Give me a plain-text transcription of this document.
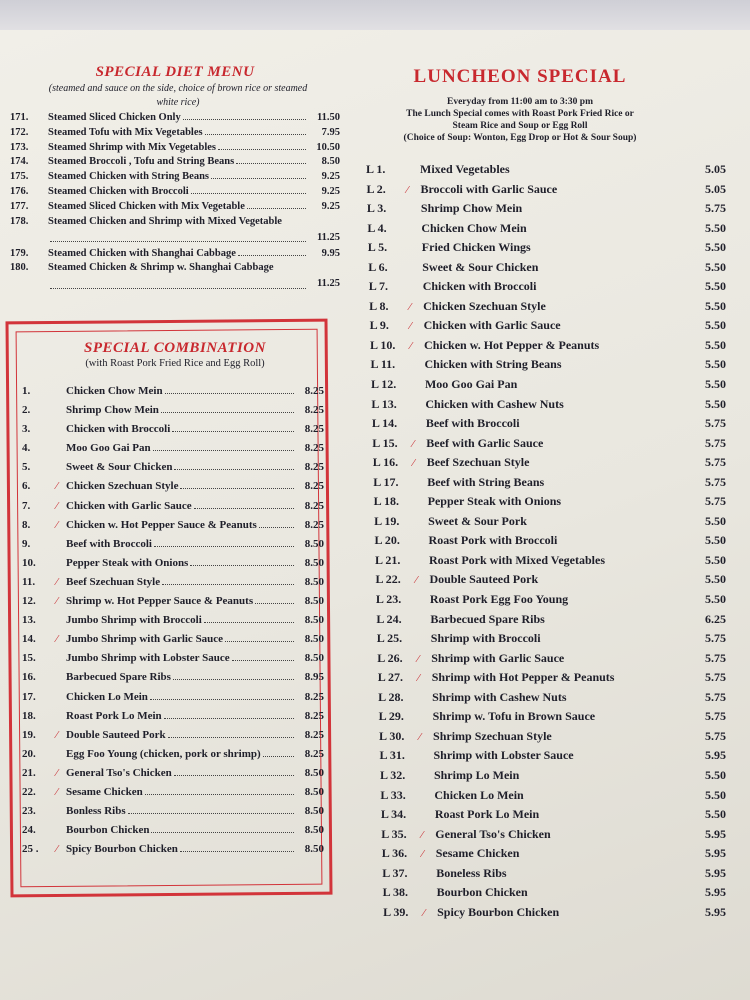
SPECIAL DIET MENU
(steamed and sauce on the side, choice of brown rice or steamed white rice)
171.	Steamed Sliced Chicken Only	11.50
172.	Steamed Tofu with Mix Vegetables	7.95
173.	Steamed Shrimp with Mix Vegetables	10.50
174.	Steamed Broccoli , Tofu and String Beans	8.50
175.	Steamed Chicken with String Beans	9.25
176.	Steamed Chicken with Broccoli	9.25
177.	Steamed Sliced Chicken with Mix Vegetable	9.25
178.	Steamed Chicken and Shrimp with Mixed Vegetable
11.25
179.	Steamed Chicken with Shanghai Cabbage	9.95
180.	Steamed Chicken & Shrimp w. Shanghai Cabbage
11.25
SPECIAL COMBINATION
(with Roast Pork Fried Rice and Egg Roll)
1.	Chicken Chow Mein	8.25
2.	Shrimp Chow Mein	8.25
3.	Chicken with Broccoli	8.25
4.	Moo Goo Gai Pan	8.25
5.	Sweet & Sour Chicken	8.25
6.	⁄ Chicken Szechuan Style	8.25
7.	⁄ Chicken with Garlic Sauce	8.25
8.	⁄ Chicken w. Hot Pepper Sauce & Peanuts	8.25
9.	Beef with Broccoli	8.50
10.	Pepper Steak with Onions	8.50
11.	⁄ Beef Szechuan Style	8.50
12.	⁄ Shrimp w. Hot Pepper Sauce & Peanuts	8.50
13.	Jumbo Shrimp with Broccoli	8.50
14.	⁄ Jumbo Shrimp with Garlic Sauce	8.50
15.	Jumbo Shrimp with Lobster Sauce	8.50
16.	Barbecued Spare Ribs	8.95
17.	Chicken Lo Mein	8.25
18.	Roast Pork Lo Mein	8.25
19.	⁄ Double Sauteed Pork	8.25
20.	Egg Foo Young (chicken, pork or shrimp)	8.25
21.	⁄ General Tso's Chicken	8.50
22.	⁄ Sesame Chicken	8.50
23.	Bonless Ribs	8.50
24.	Bourbon Chicken	8.50
25 .	⁄ Spicy Bourbon Chicken	8.50
LUNCHEON SPECIAL
Everyday from 11:00 am to 3:30 pm
The Lunch Special comes with Roast Pork Fried Rice or
Steam Rice and Soup or Egg Roll
(Choice of Soup: Wonton, Egg Drop or Hot & Sour Soup)
L 1.	Mixed Vegetables	5.05
L 2.	⁄	Broccoli with Garlic Sauce	5.05
L 3.	Shrimp Chow Mein	5.75
L 4.	Chicken Chow Mein	5.50
L 5.	Fried Chicken Wings	5.50
L 6.	Sweet & Sour Chicken	5.50
L 7.	Chicken with Broccoli	5.50
L 8.	⁄	Chicken Szechuan Style	5.50
L 9.	⁄	Chicken with Garlic Sauce	5.50
L 10.	⁄	Chicken w. Hot Pepper & Peanuts	5.50
L 11.	Chicken with String Beans	5.50
L 12.	Moo Goo Gai Pan	5.50
L 13.	Chicken with Cashew Nuts	5.50
L 14.	Beef with Broccoli	5.75
L 15.	⁄	Beef with Garlic Sauce	5.75
L 16.	⁄	Beef Szechuan Style	5.75
L 17.	Beef with String Beans	5.75
L 18.	Pepper Steak with Onions	5.75
L 19.	Sweet & Sour Pork	5.50
L 20.	Roast Pork with Broccoli	5.50
L 21.	Roast Pork with Mixed Vegetables	5.50
L 22.	⁄	Double Sauteed Pork	5.50
L 23.	Roast Pork Egg Foo Young	5.50
L 24.	Barbecued Spare Ribs	6.25
L 25.	Shrimp with Broccoli	5.75
L 26.	⁄	Shrimp with Garlic Sauce	5.75
L 27.	⁄	Shrimp with Hot Pepper & Peanuts	5.75
L 28.	Shrimp with Cashew Nuts	5.75
L 29.	Shrimp w. Tofu in Brown Sauce	5.75
L 30.	⁄	Shrimp Szechuan Style	5.75
L 31.	Shrimp with Lobster Sauce	5.95
L 32.	Shrimp Lo Mein	5.50
L 33.	Chicken Lo Mein	5.50
L 34.	Roast Pork Lo Mein	5.50
L 35.	⁄	General Tso's Chicken	5.95
L 36.	⁄	Sesame Chicken	5.95
L 37.	Boneless Ribs	5.95
L 38.	Bourbon Chicken	5.95
L 39.	⁄	Spicy Bourbon Chicken	5.95
